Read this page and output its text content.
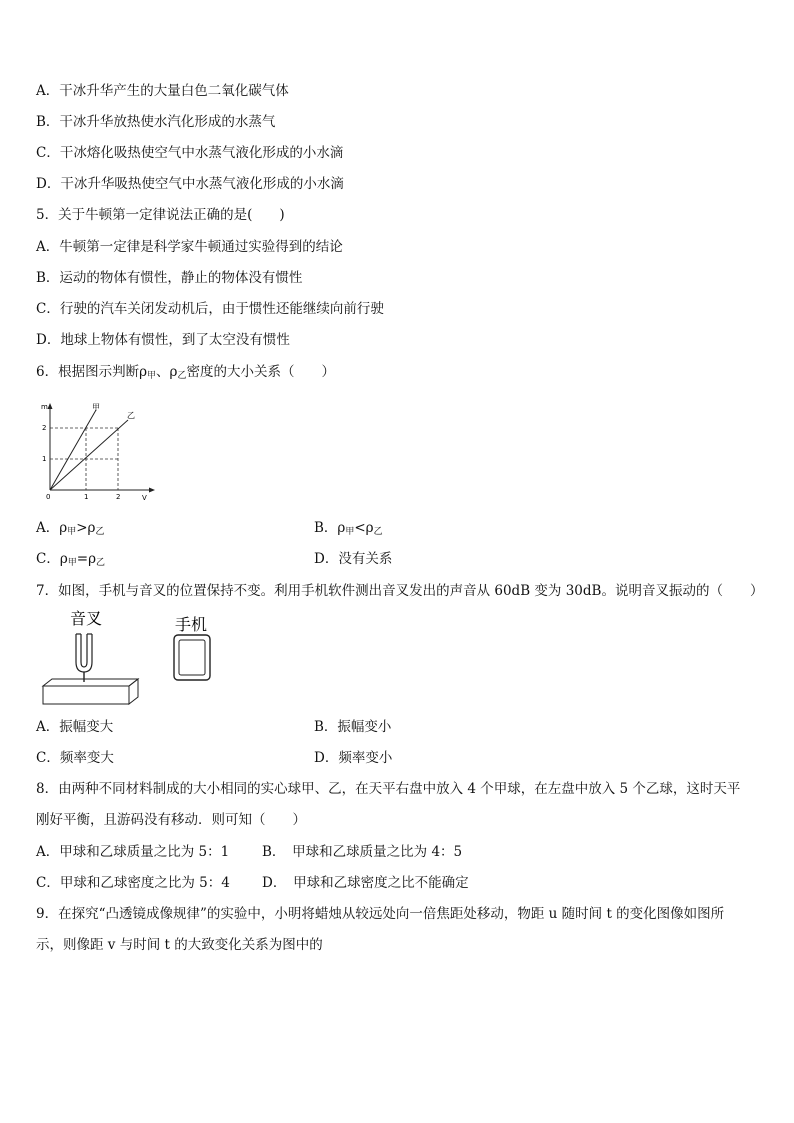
A．干冰升华产生的大量白色二氧化碳气体
B．干冰升华放热使水汽化形成的水蒸气
C．干冰熔化吸热使空气中水蒸气液化形成的小水滴
D．干冰升华吸热使空气中水蒸气液化形成的小水滴
5．关于牛顿第一定律说法正确的是(　　)
A．牛顿第一定律是科学家牛顿通过实验得到的结论
B．运动的物体有惯性，静止的物体没有惯性
C．行驶的汽车关闭发动机后，由于惯性还能继续向前行驶
D．地球上物体有惯性，到了太空没有惯性
6．根据图示判断$\rho_甲$、$\rho_乙$密度的大小关系（　　）
m
V
0	1	2
1
2
甲
乙
A．$\rho_甲>\rho_乙$	B．$\rho_甲<\rho_乙$
C．$\rho_甲=\rho_乙$	D．没有关系
7．如图，手机与音叉的位置保持不变。利用手机软件测出音叉发出的声音从 60dB 变为 30dB。说明音叉振动的（　　）
音叉	手机
A．振幅变大	B．振幅变小
C．频率变大	D．频率变小
8．由两种不同材料制成的大小相同的实心球甲、乙，在天平右盘中放入 4 个甲球，在左盘中放入 5 个乙球，这时天平
刚好平衡，且游码没有移动．则可知（　　）
A．甲球和乙球质量之比为 5：1 B．　甲球和乙球质量之比为 4：5
C．甲球和乙球密度之比为 5：4 D．　甲球和乙球密度之比不能确定
9．在探究“凸透镜成像规律”的实验中，小明将蜡烛从较远处向一倍焦距处移动，物距 u 随时间 t 的变化图像如图所
示，则像距 v 与时间 t 的大致变化关系为图中的
